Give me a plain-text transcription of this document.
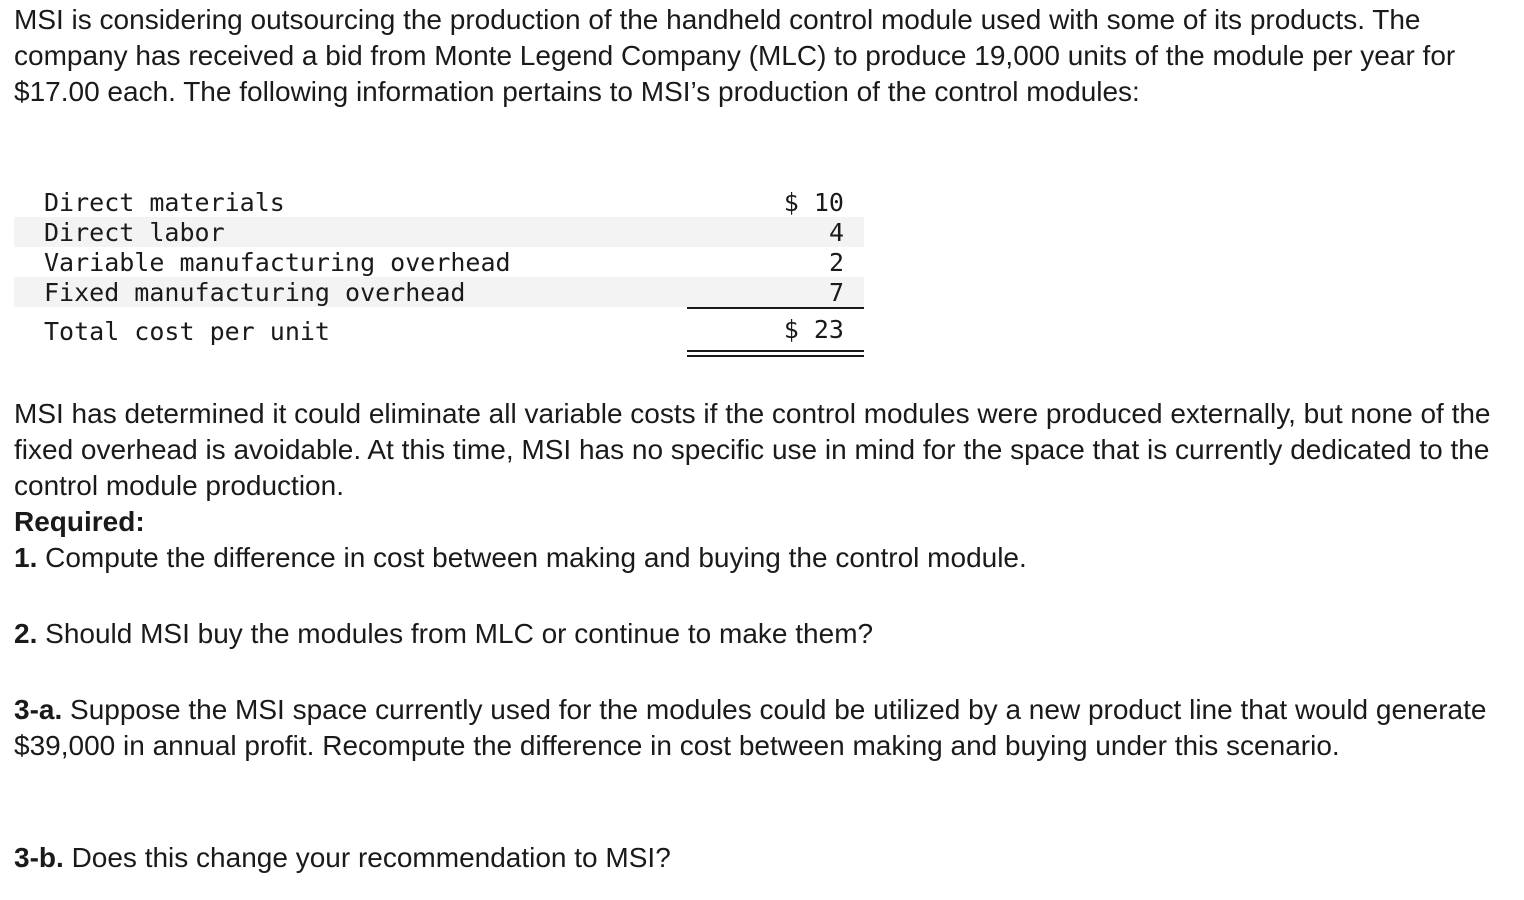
MSI is considering outsourcing the production of the handheld control module used with some of its products. The company has received a bid from Monte Legend Company (MLC) to produce 19,000 units of the module per year for $17.00 each. The following information pertains to MSI’s production of the control modules:

Direct materials	$ 10
Direct labor	4
Variable manufacturing overhead	2
Fixed manufacturing overhead	7
Total cost per unit	$ 23

MSI has determined it could eliminate all variable costs if the control modules were produced externally, but none of the fixed overhead is avoidable. At this time, MSI has no specific use in mind for the space that is currently dedicated to the control module production.

Required:

1. Compute the difference in cost between making and buying the control module.

2. Should MSI buy the modules from MLC or continue to make them?

3-a. Suppose the MSI space currently used for the modules could be utilized by a new product line that would generate $39,000 in annual profit. Recompute the difference in cost between making and buying under this scenario.

3-b. Does this change your recommendation to MSI?
